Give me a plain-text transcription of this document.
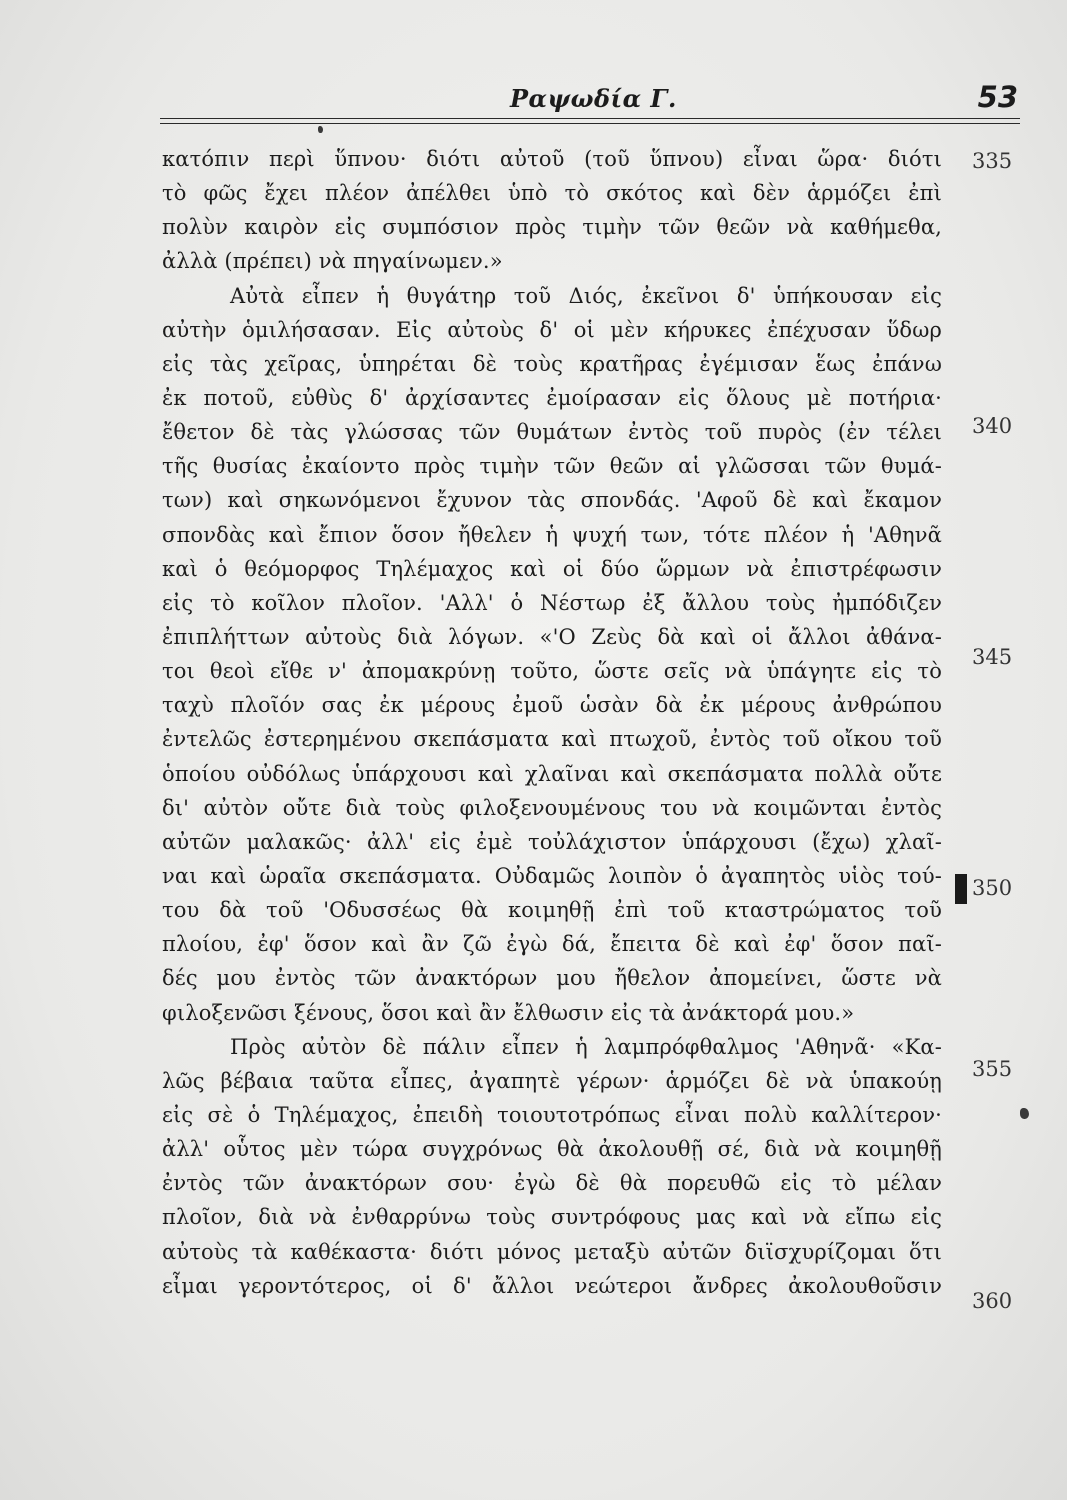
Ραψωδία Γ.	53
κατόπιν περὶ ὕπνου· διότι αὐτοῦ (τοῦ ὕπνου) εἶναι ὥρα· διότι
τὸ φῶς ἔχει πλέον ἀπέλθει ὑπὸ τὸ σκότος καὶ δὲν ἁρμόζει ἐπὶ
πολὺν καιρὸν εἰς συμπόσιον πρὸς τιμὴν τῶν θεῶν νὰ καθήμεθα,
ἀλλὰ (πρέπει) νὰ πηγαίνωμεν.»
Αὐτὰ εἶπεν ἡ θυγάτηρ τοῦ Διός, ἐκεῖνοι δ' ὑπήκουσαν εἰς
αὐτὴν ὁμιλήσασαν. Εἰς αὐτοὺς δ' οἱ μὲν κήρυκες ἐπέχυσαν ὕδωρ
εἰς τὰς χεῖρας, ὑπηρέται δὲ τοὺς κρατῆρας ἐγέμισαν ἕως ἐπάνω
ἐκ ποτοῦ, εὐθὺς δ' ἀρχίσαντες ἐμοίρασαν εἰς ὅλους μὲ ποτήρια·
ἔθετον δὲ τὰς γλώσσας τῶν θυμάτων ἐντὸς τοῦ πυρὸς (ἐν τέλει
τῆς θυσίας ἐκαίοντο πρὸς τιμὴν τῶν θεῶν αἱ γλῶσσαι τῶν θυμά-
των) καὶ σηκωνόμενοι ἔχυνον τὰς σπονδάς. 'Αφοῦ δὲ καὶ ἔκαμον
σπονδὰς καὶ ἔπιον ὅσον ἤθελεν ἡ ψυχή των, τότε πλέον ἡ 'Αθηνᾶ
καὶ ὁ θεόμορφος Τηλέμαχος καὶ οἱ δύο ὥρμων νὰ ἐπιστρέφωσιν
εἰς τὸ κοῖλον πλοῖον. 'Αλλ' ὁ Νέστωρ ἐξ ἄλλου τοὺς ἠμπόδιζεν
ἐπιπλήττων αὐτοὺς διὰ λόγων. «'Ο Ζεὺς δὰ καὶ οἱ ἄλλοι ἀθάνα-
τοι θεοὶ εἴθε ν' ἀπομακρύνῃ τοῦτο, ὥστε σεῖς νὰ ὑπάγητε εἰς τὸ
ταχὺ πλοῖόν σας ἐκ μέρους ἐμοῦ ὡσὰν δὰ ἐκ μέρους ἀνθρώπου
ἐντελῶς ἐστερημένου σκεπάσματα καὶ πτωχοῦ, ἐντὸς τοῦ οἴκου τοῦ
ὁποίου οὐδόλως ὑπάρχουσι καὶ χλαῖναι καὶ σκεπάσματα πολλὰ οὔτε
δι' αὐτὸν οὔτε διὰ τοὺς φιλοξενουμένους του νὰ κοιμῶνται ἐντὸς
αὐτῶν μαλακῶς· ἀλλ' εἰς ἐμὲ τοὐλάχιστον ὑπάρχουσι (ἔχω) χλαῖ-
ναι καὶ ὡραῖα σκεπάσματα. Οὐδαμῶς λοιπὸν ὁ ἀγαπητὸς υἱὸς τού-
του δὰ τοῦ 'Οδυσσέως θὰ κοιμηθῇ ἐπὶ τοῦ κταστρώματος τοῦ
πλοίου, ἐφ' ὅσον καὶ ἂν ζῶ ἐγὼ δά, ἔπειτα δὲ καὶ ἐφ' ὅσον παῖ-
δές μου ἐντὸς τῶν ἀνακτόρων μου ἤθελον ἀπομείνει, ὥστε νὰ
φιλοξενῶσι ξένους, ὅσοι καὶ ἂν ἔλθωσιν εἰς τὰ ἀνάκτορά μου.»
Πρὸς αὐτὸν δὲ πάλιν εἶπεν ἡ λαμπρόφθαλμος 'Αθηνᾶ· «Κα-
λῶς βέβαια ταῦτα εἶπες, ἀγαπητὲ γέρων· ἁρμόζει δὲ νὰ ὑπακούῃ
εἰς σὲ ὁ Τηλέμαχος, ἐπειδὴ τοιουτοτρόπως εἶναι πολὺ καλλίτερον·
ἀλλ' οὗτος μὲν τώρα συγχρόνως θὰ ἀκολουθῇ σέ, διὰ νὰ κοιμηθῇ
ἐντὸς τῶν ἀνακτόρων σου· ἐγὼ δὲ θὰ πορευθῶ εἰς τὸ μέλαν
πλοῖον, διὰ νὰ ἐνθαρρύνω τοὺς συντρόφους μας καὶ νὰ εἴπω εἰς
αὐτοὺς τὰ καθέκαστα· διότι μόνος μεταξὺ αὐτῶν διϊσχυρίζομαι ὅτι
εἶμαι γεροντότερος, οἱ δ' ἄλλοι νεώτεροι ἄνδρες ἀκολουθοῦσιν
335
340
345
350
355
360
